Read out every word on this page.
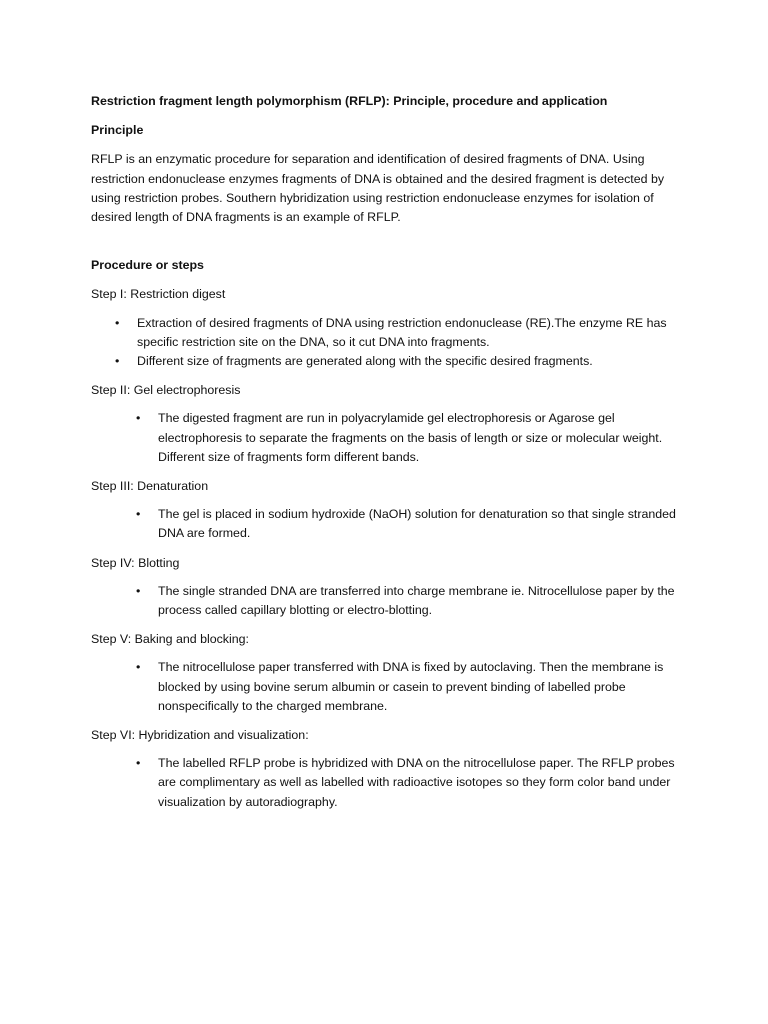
Restriction fragment length polymorphism (RFLP): Principle, procedure and application

Principle

RFLP is an enzymatic procedure for separation and identification of desired fragments of DNA. Using restriction endonuclease enzymes fragments of DNA is obtained and the desired fragment is detected by using restriction probes. Southern hybridization using restriction endonuclease enzymes for isolation of desired length of DNA fragments is an example of RFLP.

Procedure or steps

Step I: Restriction digest

• Extraction of desired fragments of DNA using restriction endonuclease (RE).The enzyme RE has specific restriction site on the DNA, so it cut DNA into fragments.
• Different size of fragments are generated along with the specific desired fragments.

Step II: Gel electrophoresis

• The digested fragment are run in polyacrylamide gel electrophoresis or Agarose gel electrophoresis to separate the fragments on the basis of length or size or molecular weight. Different size of fragments form different bands.

Step III: Denaturation

• The gel is placed in sodium hydroxide (NaOH) solution for denaturation so that single stranded DNA are formed.

Step IV: Blotting

• The single stranded DNA are transferred into charge membrane ie. Nitrocellulose paper by the process called capillary blotting or electro-blotting.

Step V: Baking and blocking:

• The nitrocellulose paper transferred with DNA is fixed by autoclaving. Then the membrane is blocked by using bovine serum albumin or casein to prevent binding of labelled probe nonspecifically to the charged membrane.

Step VI: Hybridization and visualization:

• The labelled RFLP probe is hybridized with DNA on the nitrocellulose paper. The RFLP probes are complimentary as well as labelled with radioactive isotopes so they form color band under visualization by autoradiography.
